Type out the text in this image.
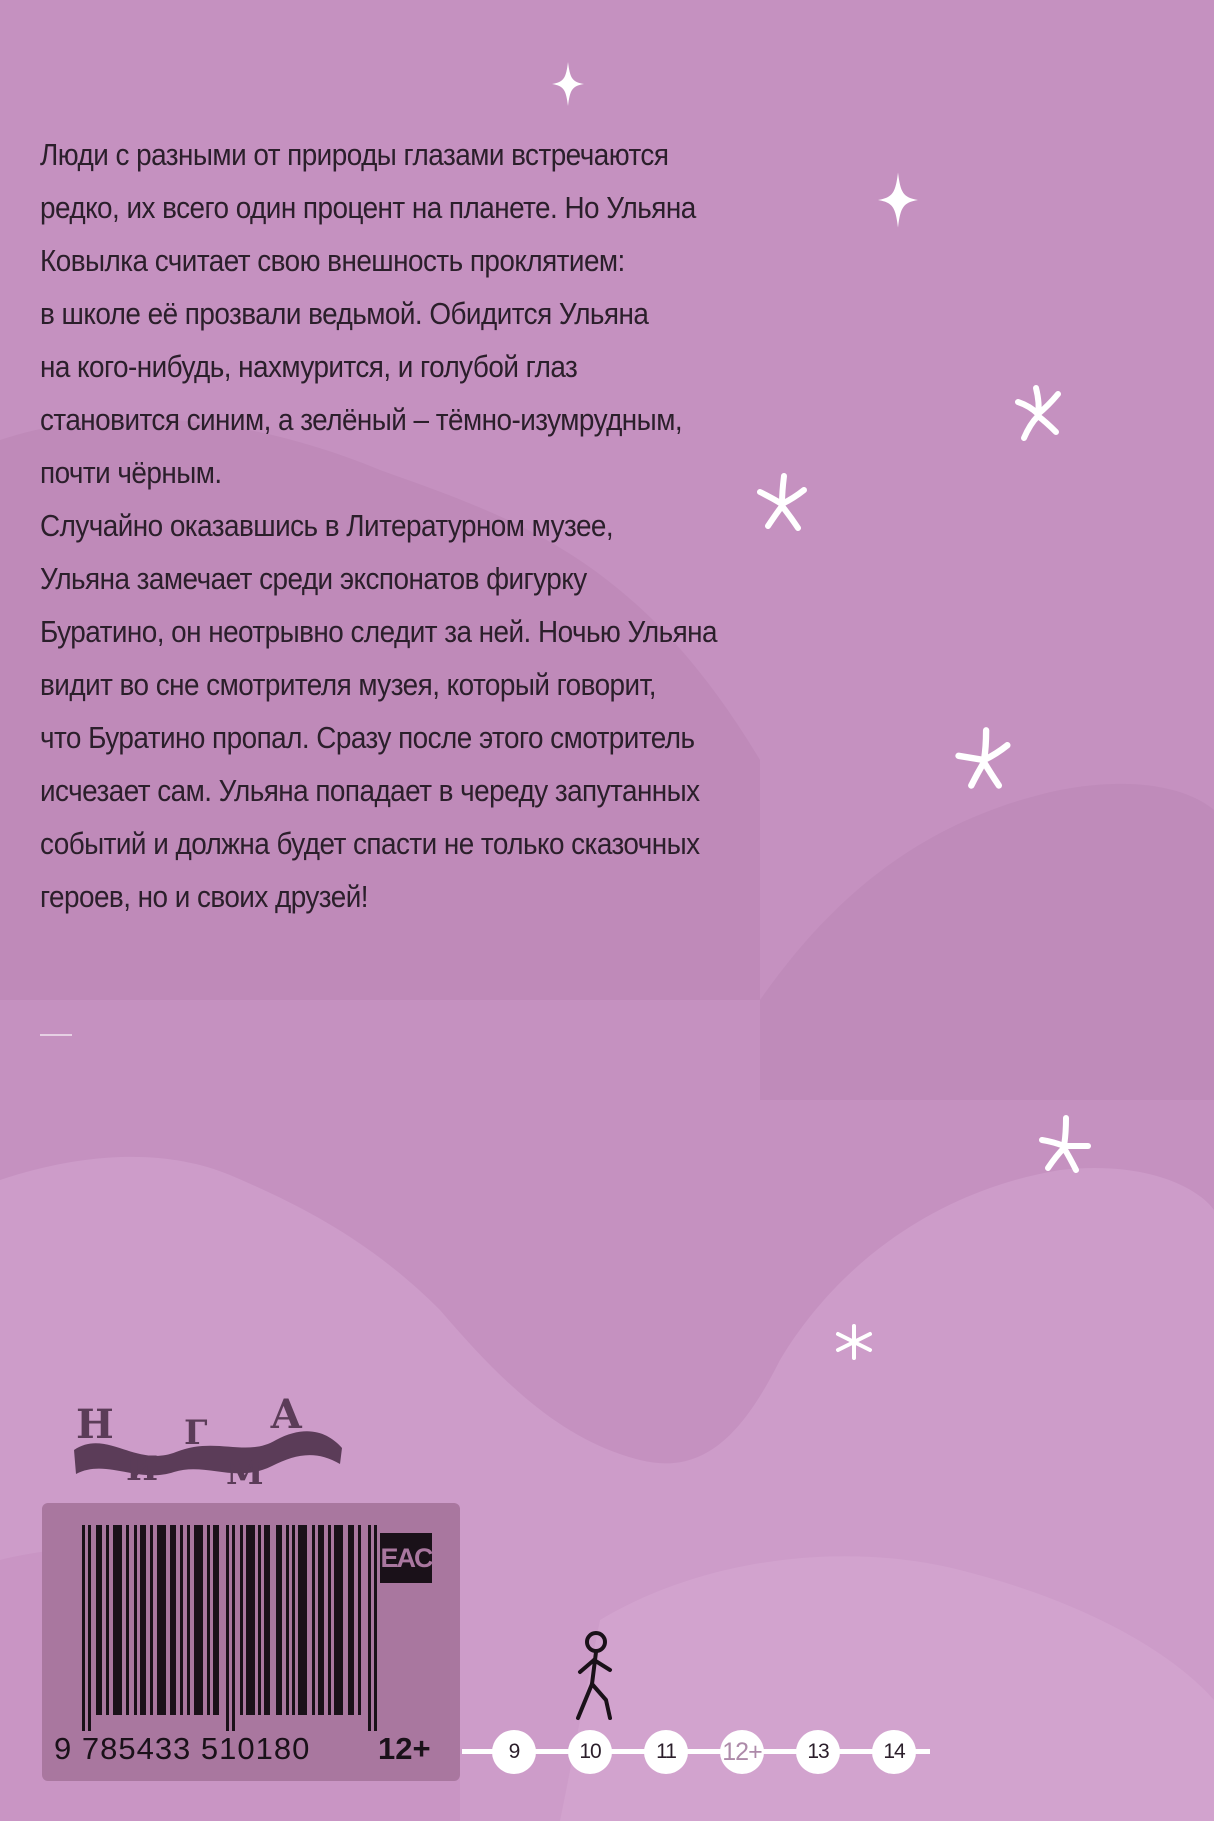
Люди с разными от природы глазами встречаются
редко, их всего один процент на планете. Но Ульяна
Ковылка считает свою внешность проклятием:
в школе её прозвали ведьмой. Обидится Ульяна
на кого-нибудь, нахмурится, и голубой глаз
становится синим, а зелёный – тёмно-изумрудным,
почти чёрным.

Случайно оказавшись в Литературном музее,
Ульяна замечает среди экспонатов фигурку
Буратино, он неотрывно следит за ней. Ночью Ульяна
видит во сне смотрителя музея, который говорит,
что Буратино пропал. Сразу после этого смотритель
исчезает сам. Ульяна попадает в череду запутанных
событий и должна будет спасти не только сказочных
героев, но и своих друзей!

Н
И
Г
М
А
EAC
9 785433 510180 12+	9	10	11	12+	13	14
